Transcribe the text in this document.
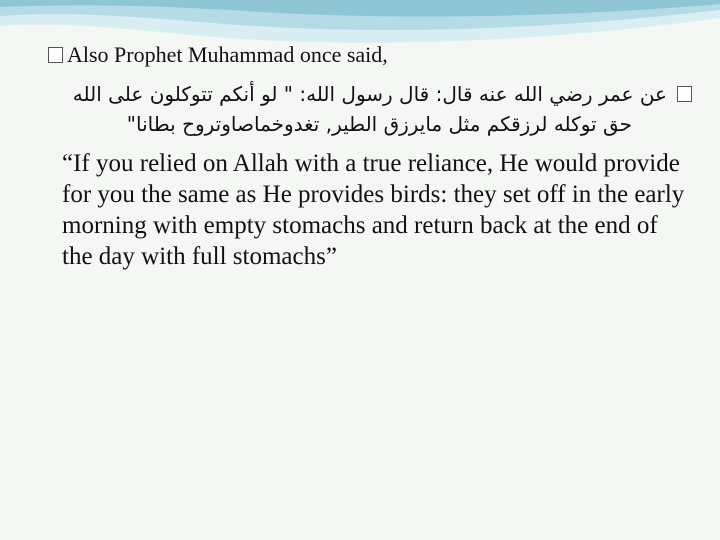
Also Prophet Muhammad once said,
عن عمر رضي الله عنه قال: قال رسول الله: " لو أنكم تتوكلون على الله
حق توكله لرزقكم مثل مايرزق الطير, تغدوخماصاوتروح بطانا"
“If you relied on Allah with a true reliance, He would provide for you the same as He provides birds: they set off in the early morning with empty stomachs and return back at the end of the day with full stomachs”
